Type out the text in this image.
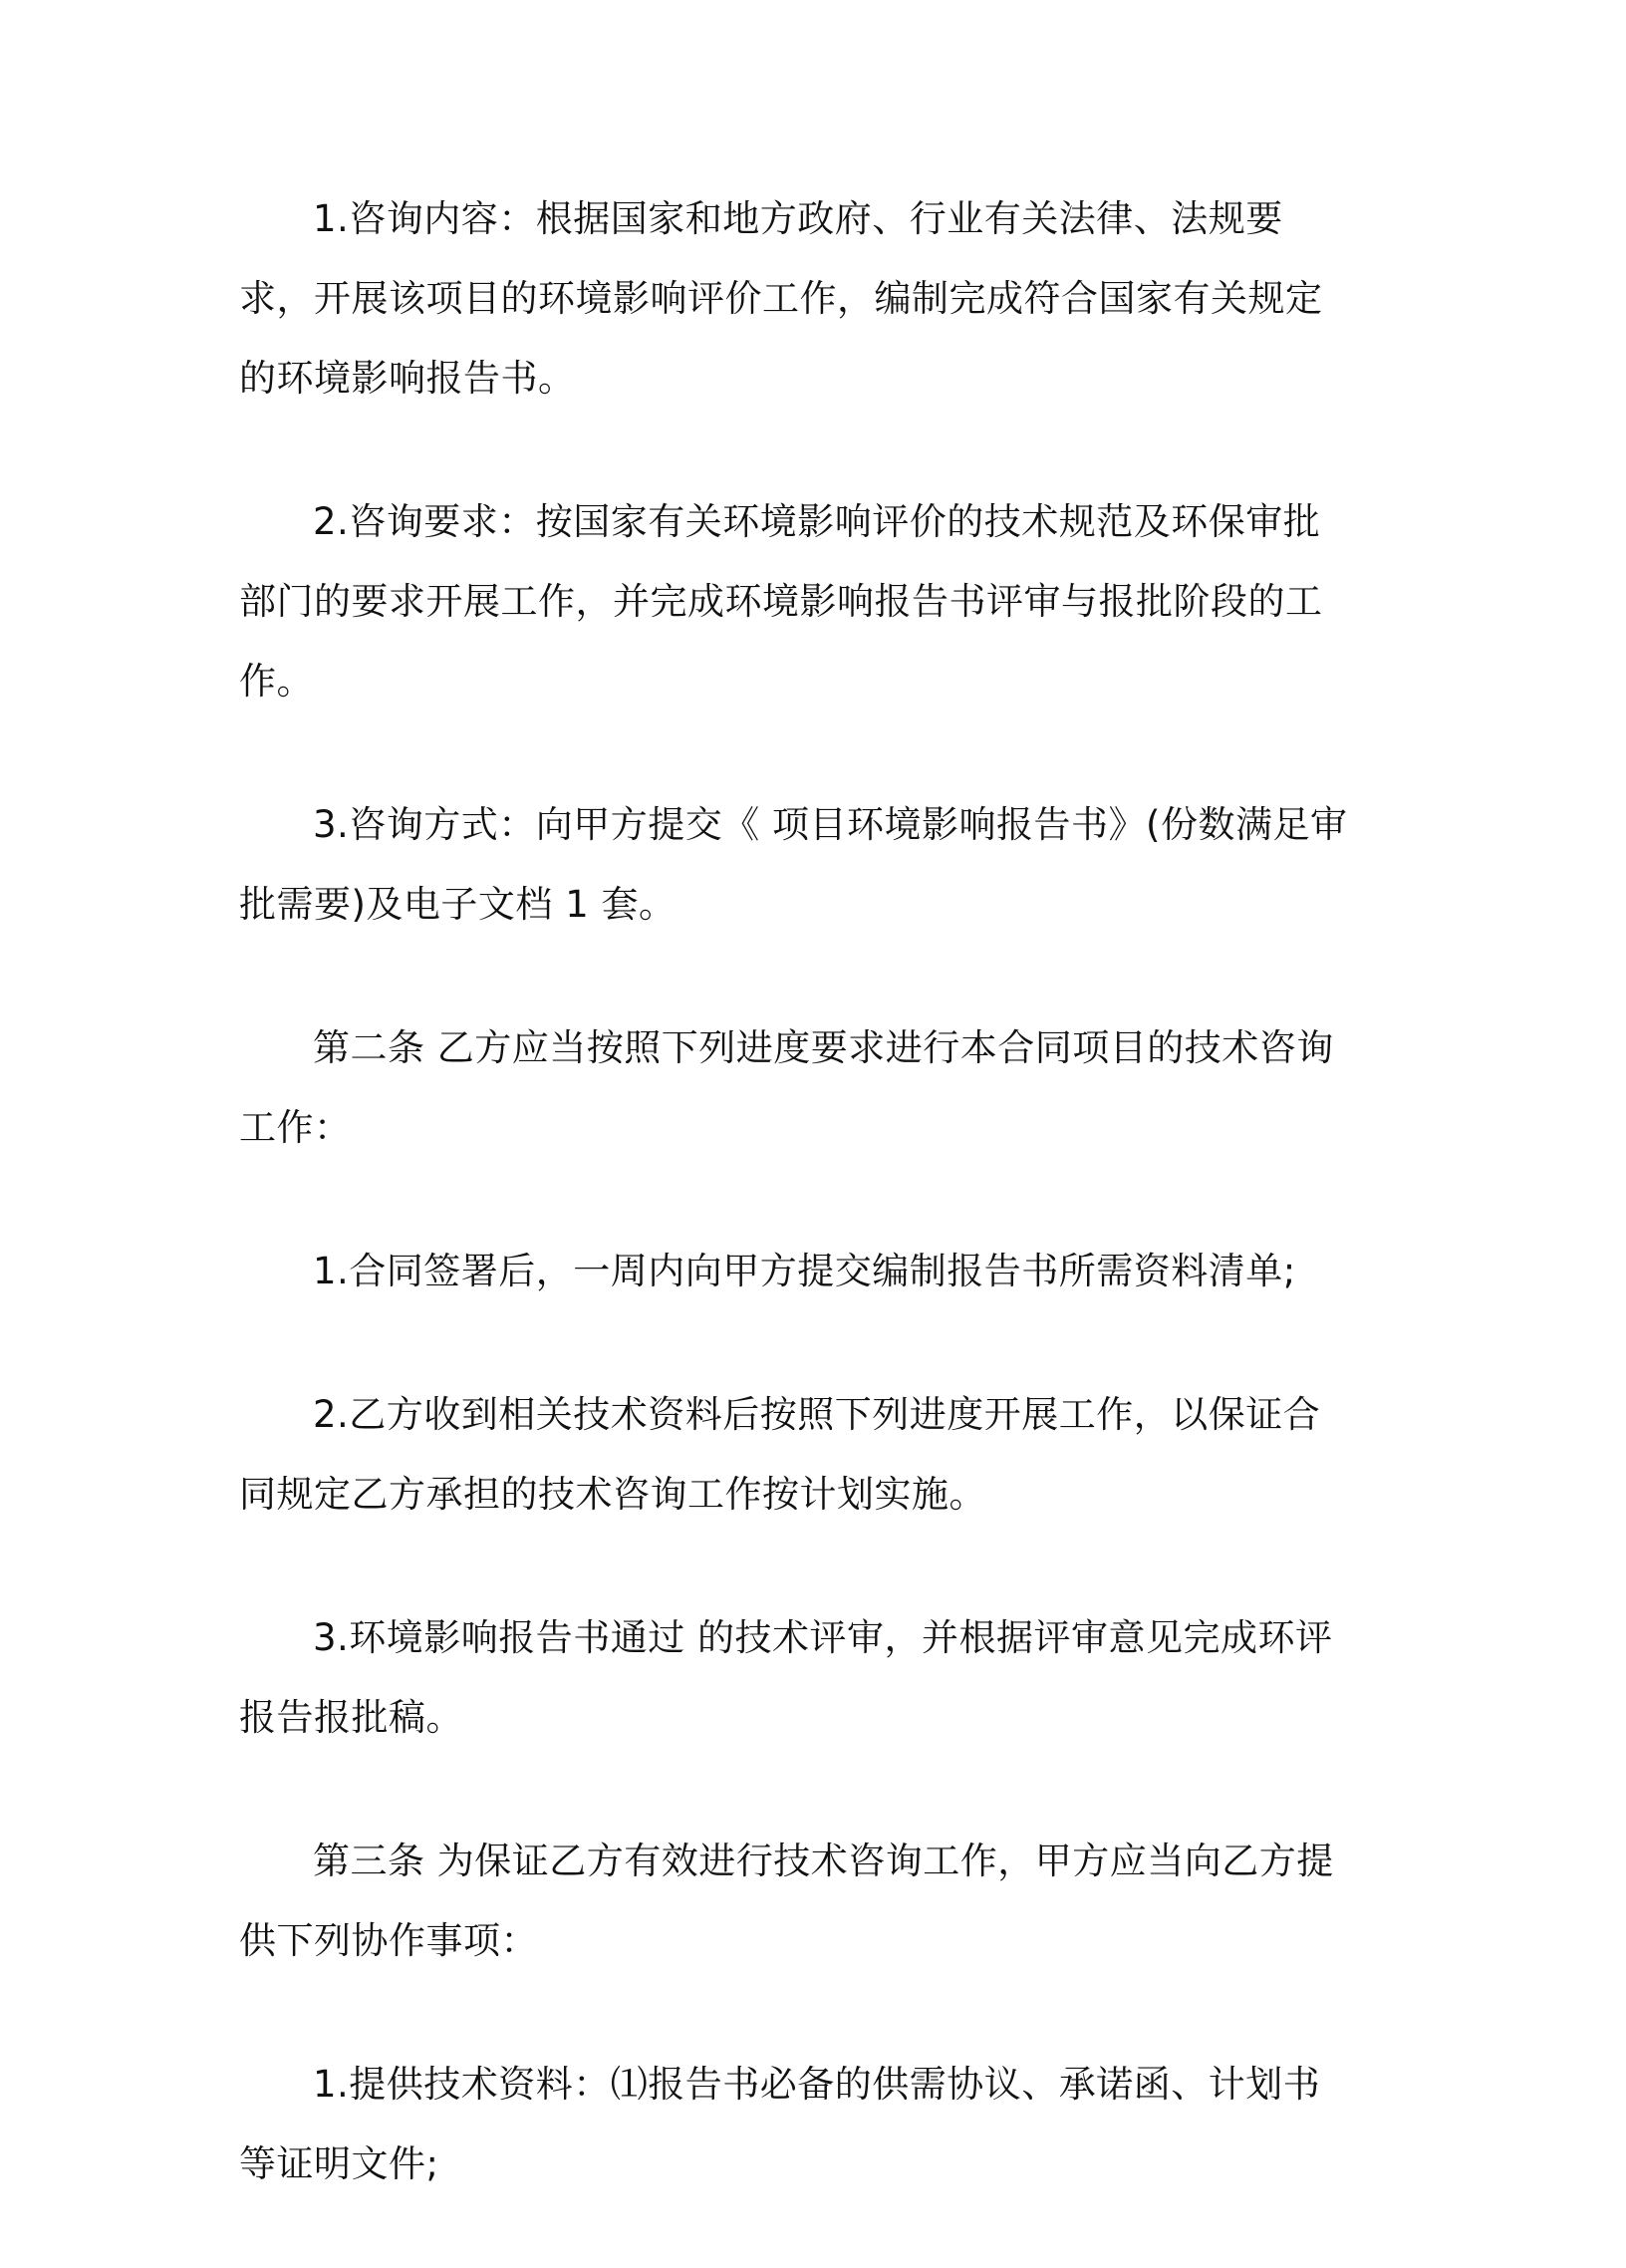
1.咨询内容：根据国家和地方政府、行业有关法律、法规要求，开展该项目的环境影响评价工作，编制完成符合国家有关规定的环境影响报告书。

2.咨询要求：按国家有关环境影响评价的技术规范及环保审批部门的要求开展工作，并完成环境影响报告书评审与报批阶段的工作。

3.咨询方式：向甲方提交《 项目环境影响报告书》(份数满足审批需要)及电子文档 1 套。

第二条 乙方应当按照下列进度要求进行本合同项目的技术咨询工作：

1.合同签署后，一周内向甲方提交编制报告书所需资料清单;

2.乙方收到相关技术资料后按照下列进度开展工作，以保证合同规定乙方承担的技术咨询工作按计划实施。

3.环境影响报告书通过 的技术评审，并根据评审意见完成环评报告报批稿。

第三条 为保证乙方有效进行技术咨询工作，甲方应当向乙方提供下列协作事项：

1.提供技术资料：⑴报告书必备的供需协议、承诺函、计划书等证明文件;
